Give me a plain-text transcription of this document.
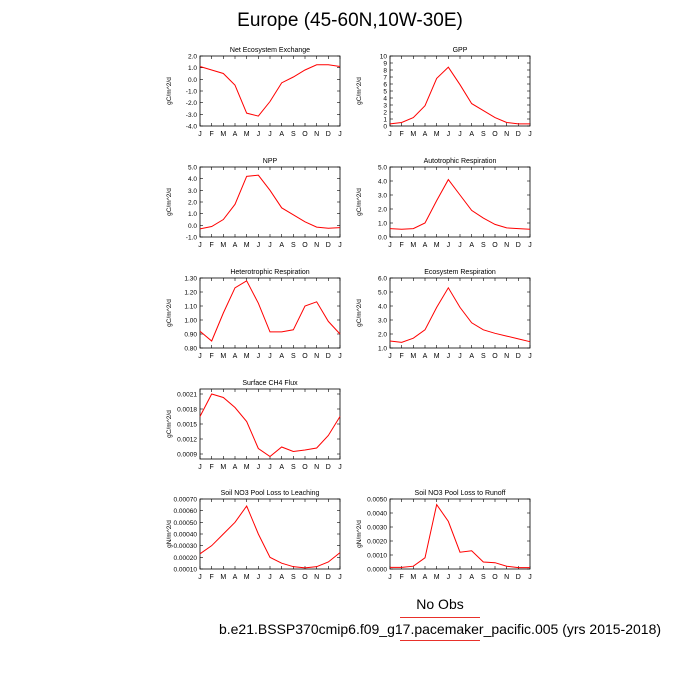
Europe (45-60N,10W-30E)
Net Ecosystem Exchange
J F M A M J J A S O N D J
2.0
1.0
0.0
-1.0
-2.0
-3.0
-4.0
gC/m^2/d
GPP
J F M A M J J A S O N D J
10
9
8
7
6
5
4
3
2
1
0
gC/m^2/d
NPP
J F M A M J J A S O N D J
5.0
4.0
3.0
2.0
1.0
0.0
-1.0
gC/m^2/d
Autotrophic Respiration
J F M A M J J A S O N D J
5.0
4.0
3.0
2.0
1.0
0.0
gC/m^2/d
Heterotrophic Respiration
J F M A M J J A S O N D J
1.30
1.20
1.10
1.00
0.90
0.80
gC/m^2/d
Ecosystem Respiration
J F M A M J J A S O N D J
6.0
5.0
4.0
3.0
2.0
1.0
gC/m^2/d
Surface CH4 Flux
J F M A M J J A S O N D J
0.0021
0.0018
0.0015
0.0012
0.0009
gC/m^2/d
Soil NO3 Pool Loss to Leaching
J F M A M J J A S O N D J
0.00070
0.00060
0.00050
0.00040
0.00030
0.00020
0.00010
gN/m^2/d
Soil NO3 Pool Loss to Runoff
J F M A M J J A S O N D J
0.0050
0.0040
0.0030
0.0020
0.0010
0.0000
gN/m^2/d
No Obs
b.e21.BSSP370cmip6.f09_g17.pacemaker_pacific.005 (yrs 2015-2018)
